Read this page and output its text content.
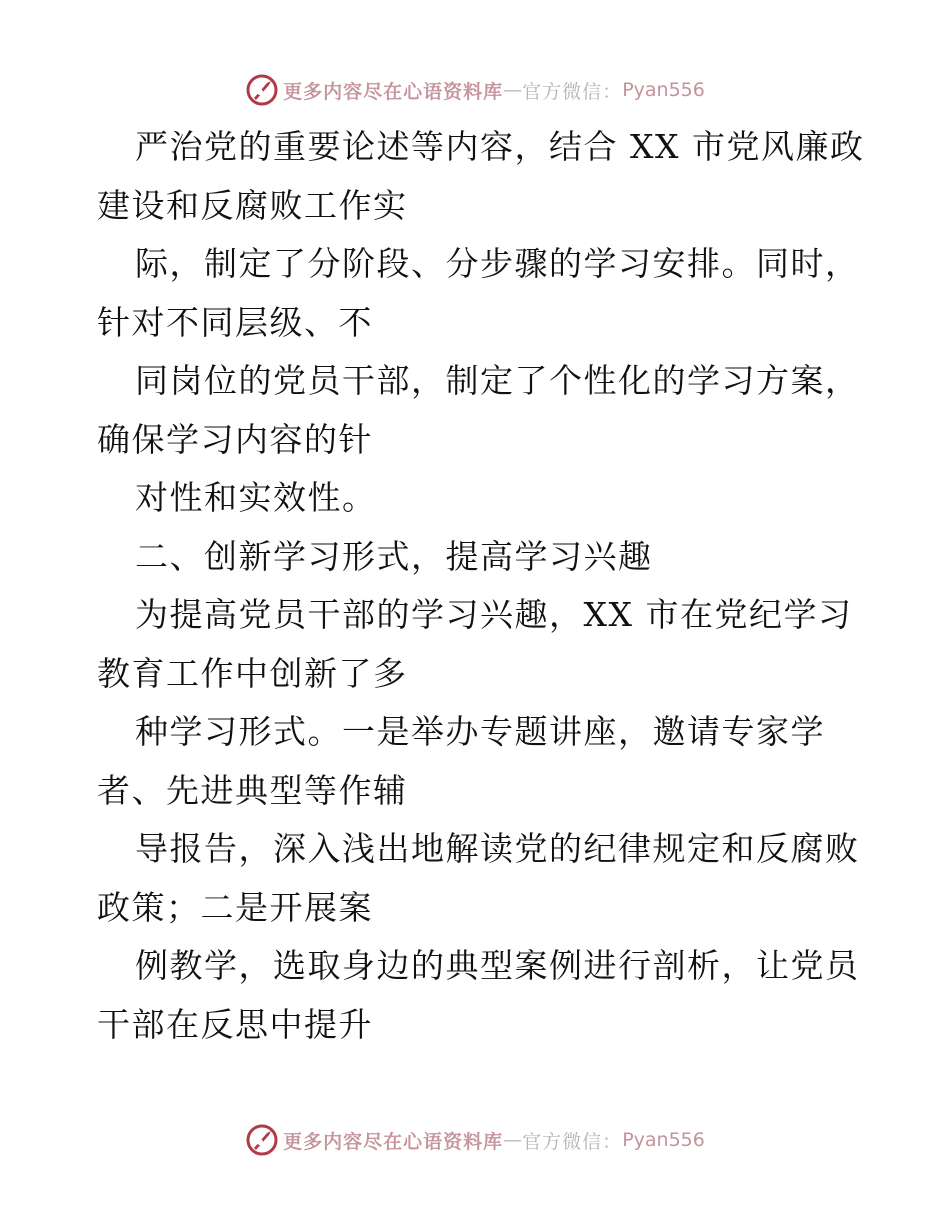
更多内容尽在心语资料库 — 官方微信： Pyan556
严治党的重要论述等内容，结合 XX 市党风廉政
建设和反腐败工作实
际，制定了分阶段、分步骤的学习安排。同时，
针对不同层级、不
同岗位的党员干部，制定了个性化的学习方案，
确保学习内容的针
对性和实效性。
二、创新学习形式，提高学习兴趣
为提高党员干部的学习兴趣，XX 市在党纪学习
教育工作中创新了多
种学习形式。一是举办专题讲座，邀请专家学
者、先进典型等作辅
导报告，深入浅出地解读党的纪律规定和反腐败
政策；二是开展案
例教学，选取身边的典型案例进行剖析，让党员
干部在反思中提升
更多内容尽在心语资料库 — 官方微信： Pyan556
